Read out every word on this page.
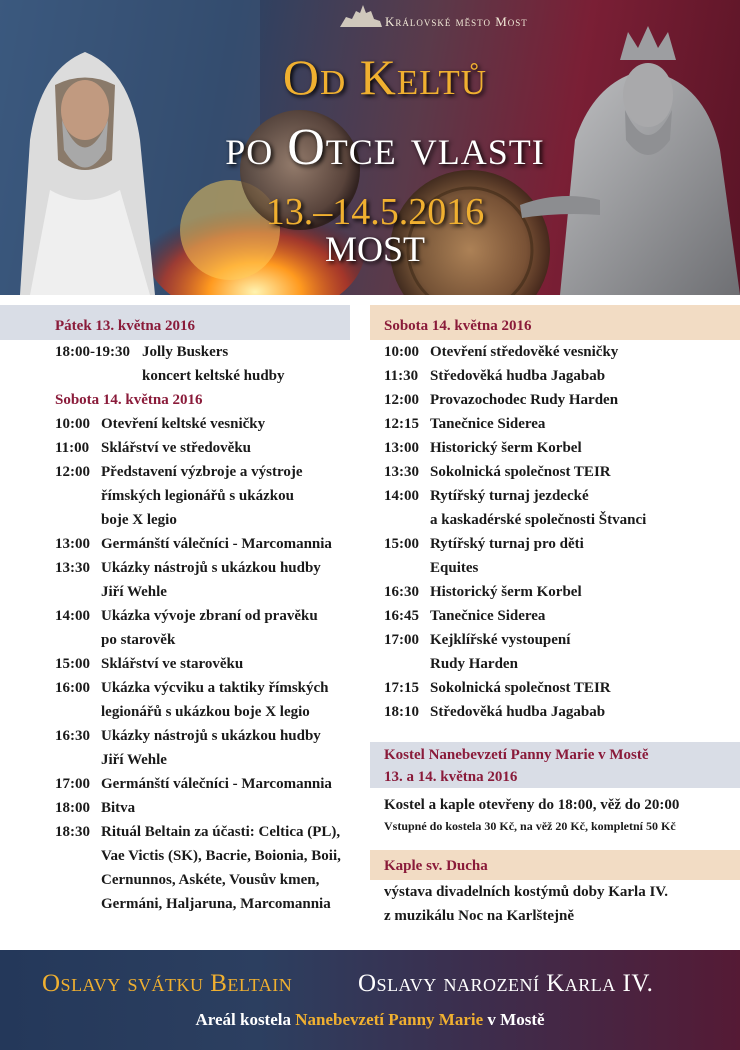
Královské město Most
Od Keltů
po Otce vlasti
13.–14.5.2016
MOST
Pátek 13. května 2016
18:00-19:30 Jolly Buskers
koncert keltské hudby
Sobota 14. května 2016
10:00 Otevření keltské vesničky
11:00 Sklářství ve středověku
12:00 Představení výzbroje a výstroje
římských legionářů s ukázkou
boje X legio
13:00 Germánští válečníci - Marcomannia
13:30 Ukázky nástrojů s ukázkou hudby
Jiří Wehle
14:00 Ukázka vývoje zbraní od pravěku
po starověk
15:00 Sklářství ve starověku
16:00 Ukázka výcviku a taktiky římských
legionářů s ukázkou boje X legio
16:30 Ukázky nástrojů s ukázkou hudby
Jiří Wehle
17:00 Germánští válečníci - Marcomannia
18:00 Bitva
18:30 Rituál Beltain za účasti: Celtica (PL),
Vae Victis (SK), Bacrie, Boionia, Boii,
Cernunnos, Askéte, Vousův kmen,
Germáni, Haljaruna, Marcomannia
Sobota 14. května 2016
10:00 Otevření středověké vesničky
11:30 Středověká hudba Jagabab
12:00 Provazochodec Rudy Harden
12:15 Tanečnice Siderea
13:00 Historický šerm Korbel
13:30 Sokolnická společnost TEIR
14:00 Rytířský turnaj jezdecké
a kaskadérské společnosti Štvanci
15:00 Rytířský turnaj pro děti
Equites
16:30 Historický šerm Korbel
16:45 Tanečnice Siderea
17:00 Kejklířské vystoupení
Rudy Harden
17:15 Sokolnická společnost TEIR
18:10 Středověká hudba Jagabab
Kostel Nanebevzetí Panny Marie v Mostě
13. a 14. května 2016
Kostel a kaple otevřeny do 18:00, věž do 20:00
Vstupné do kostela 30 Kč, na věž 20 Kč, kompletní 50 Kč
Kaple sv. Ducha
výstava divadelních kostýmů doby Karla IV.
z muzikálu Noc na Karlštejně
Oslavy svátku Beltain	Oslavy narození Karla IV.
Areál kostela Nanebevzetí Panny Marie v Mostě
